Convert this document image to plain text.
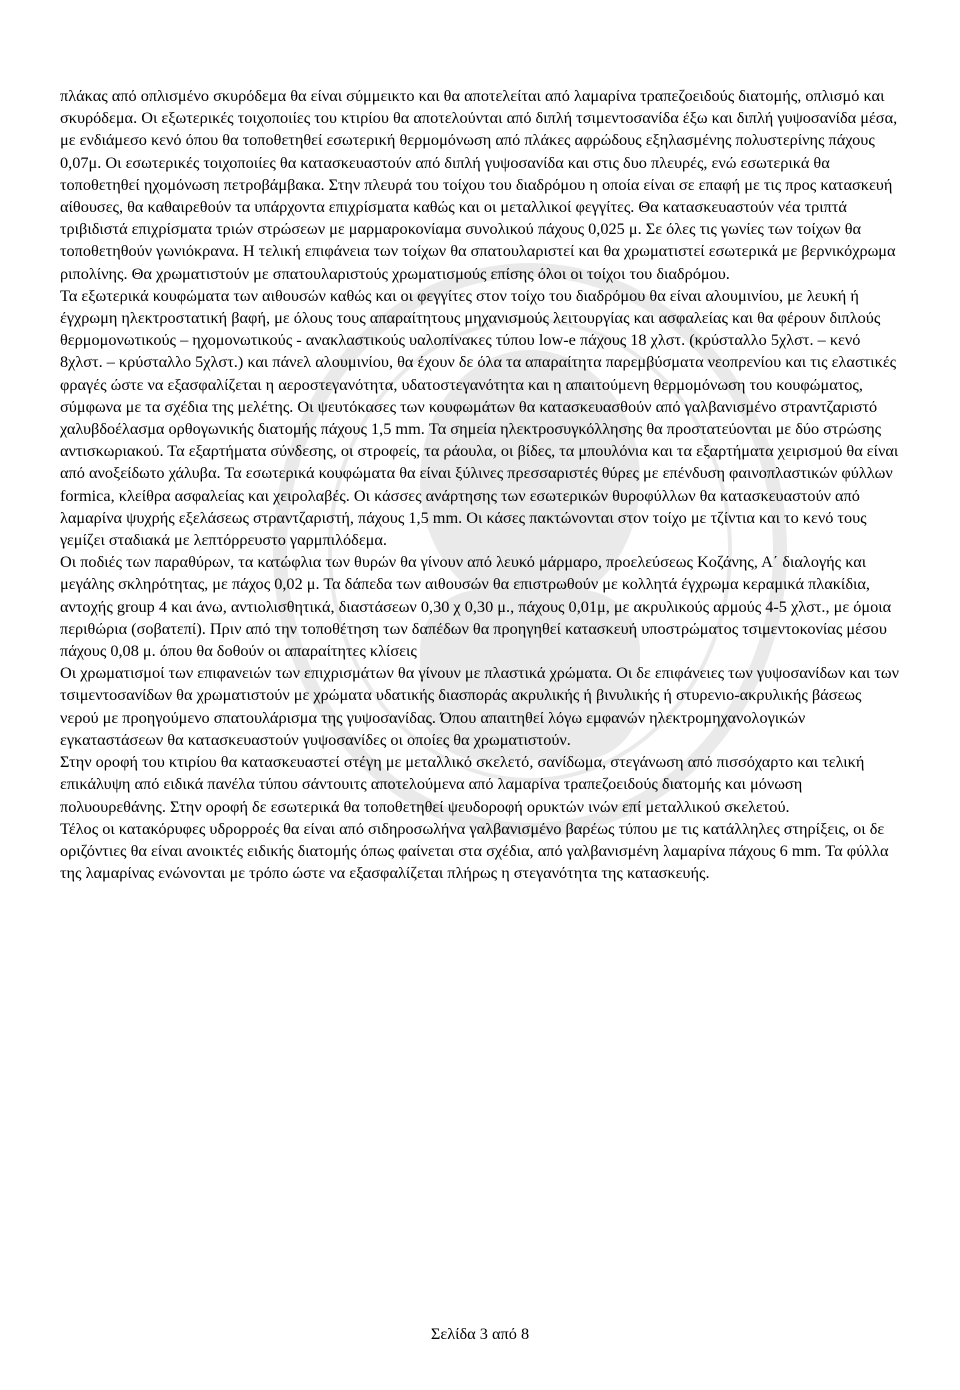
πλάκας από οπλισμένο σκυρόδεμα θα είναι σύμμεικτο και θα αποτελείται από λαμαρίνα τραπεζοειδούς διατομής, οπλισμό και σκυρόδεμα. Οι εξωτερικές τοιχοποιίες του κτιρίου θα αποτελούνται από διπλή τσιμεντοσανίδα έξω και διπλή γυψοσανίδα μέσα, με ενδιάμεσο κενό όπου θα τοποθετηθεί εσωτερική θερμομόνωση από πλάκες αφρώδους εξηλασμένης πολυστερίνης πάχους 0,07μ. Οι εσωτερικές τοιχοποιίες θα κατασκευαστούν από διπλή γυψοσανίδα και στις δυο πλευρές, ενώ εσωτερικά θα τοποθετηθεί ηχομόνωση πετροβάμβακα. Στην πλευρά του τοίχου του διαδρόμου η οποία είναι σε επαφή με τις προς κατασκευή αίθουσες, θα καθαιρεθούν τα υπάρχοντα επιχρίσματα καθώς και οι μεταλλικοί φεγγίτες. Θα κατασκευαστούν νέα τριπτά τριβιδιστά επιχρίσματα τριών στρώσεων με μαρμαροκονίαμα συνολικού πάχους 0,025 μ. Σε όλες τις γωνίες των τοίχων θα τοποθετηθούν γωνιόκρανα. Η τελική επιφάνεια των τοίχων θα σπατουλαριστεί και θα χρωματιστεί εσωτερικά με βερνικόχρωμα ριπολίνης. Θα χρωματιστούν με σπατουλαριστούς χρωματισμούς επίσης όλοι οι τοίχοι του διαδρόμου.

Τα εξωτερικά κουφώματα των αιθουσών καθώς και οι φεγγίτες στον τοίχο του διαδρόμου θα είναι αλουμινίου, με λευκή ή έγχρωμη ηλεκτροστατική βαφή, με όλους τους απαραίτητους μηχανισμούς λειτουργίας και ασφαλείας και θα φέρουν διπλούς θερμομονωτικούς – ηχομονωτικούς - ανακλαστικούς υαλοπίνακες τύπου low-e πάχους 18 χλστ. (κρύσταλλο 5χλστ. – κενό 8χλστ. – κρύσταλλο 5χλστ.) και πάνελ αλουμινίου, θα έχουν δε όλα τα απαραίτητα παρεμβύσματα νεοπρενίου και τις ελαστικές φραγές ώστε να εξασφαλίζεται η αεροστεγανότητα, υδατοστεγανότητα και η απαιτούμενη θερμομόνωση του κουφώματος, σύμφωνα με τα σχέδια της μελέτης. Οι ψευτόκασες των κουφωμάτων θα κατασκευασθούν από γαλβανισμένο στραντζαριστό χαλυβδοέλασμα ορθογωνικής διατομής πάχους 1,5 mm. Τα σημεία ηλεκτροσυγκόλλησης θα προστατεύονται με δύο στρώσης αντισκωριακού. Τα εξαρτήματα σύνδεσης, οι στροφείς, τα ράουλα, οι βίδες, τα μπουλόνια και τα εξαρτήματα χειρισμού θα είναι από ανοξείδωτο χάλυβα. Τα εσωτερικά κουφώματα θα είναι ξύλινες πρεσσαριστές θύρες με επένδυση φαινοπλαστικών φύλλων formica, κλείθρα ασφαλείας και χειρολαβές. Οι κάσσες ανάρτησης των εσωτερικών θυροφύλλων θα κατασκευαστούν από λαμαρίνα ψυχρής εξελάσεως στραντζαριστή, πάχους 1,5 mm. Οι κάσες πακτώνονται στον τοίχο με τζίντια και το κενό τους γεμίζει σταδιακά με λεπτόρρευστο γαρμπιλόδεμα.

Οι ποδιές των παραθύρων, τα κατώφλια των θυρών θα γίνουν από λευκό μάρμαρο, προελεύσεως Κοζάνης, Α΄ διαλογής και μεγάλης σκληρότητας, με πάχος 0,02 μ. Τα δάπεδα των αιθουσών θα επιστρωθούν με κολλητά έγχρωμα κεραμικά πλακίδια, αντοχής group 4 και άνω, αντιολισθητικά, διαστάσεων 0,30 χ 0,30 μ., πάχους 0,01μ, με ακρυλικούς αρμούς 4-5 χλστ., με όμοια περιθώρια (σοβατεπί). Πριν από την τοποθέτηση των δαπέδων θα προηγηθεί κατασκευή υποστρώματος τσιμεντοκονίας μέσου πάχους 0,08 μ. όπου θα δοθούν οι απαραίτητες κλίσεις

Οι χρωματισμοί των επιφανειών των επιχρισμάτων θα γίνουν με πλαστικά χρώματα. Οι δε επιφάνειες των γυψοσανίδων και των τσιμεντοσανίδων θα χρωματιστούν με χρώματα υδατικής διασποράς ακρυλικής ή βινυλικής ή στυρενιο-ακρυλικής βάσεως νερού με προηγούμενο σπατουλάρισμα της γυψοσανίδας. Όπου απαιτηθεί λόγω εμφανών ηλεκτρομηχανολογικών εγκαταστάσεων θα κατασκευαστούν γυψοσανίδες οι οποίες θα χρωματιστούν.

Στην οροφή του κτιρίου θα κατασκευαστεί στέγη με μεταλλικό σκελετό, σανίδωμα, στεγάνωση από πισσόχαρτο και τελική επικάλυψη από ειδικά πανέλα τύπου σάντουιτς αποτελούμενα από λαμαρίνα τραπεζοειδούς διατομής και μόνωση πολυουρεθάνης. Στην οροφή δε εσωτερικά θα τοποθετηθεί ψευδοροφή ορυκτών ινών επί μεταλλικού σκελετού.

Τέλος οι κατακόρυφες υδρορροές θα είναι από σιδηροσωλήνα γαλβανισμένο βαρέως τύπου με τις κατάλληλες στηρίξεις, οι δε οριζόντιες θα είναι ανοικτές ειδικής διατομής όπως φαίνεται στα σχέδια, από γαλβανισμένη λαμαρίνα πάχους 6 mm. Τα φύλλα της λαμαρίνας ενώνονται με τρόπο ώστε να εξασφαλίζεται πλήρως η στεγανότητα της κατασκευής.

Σελίδα 3 από 8
